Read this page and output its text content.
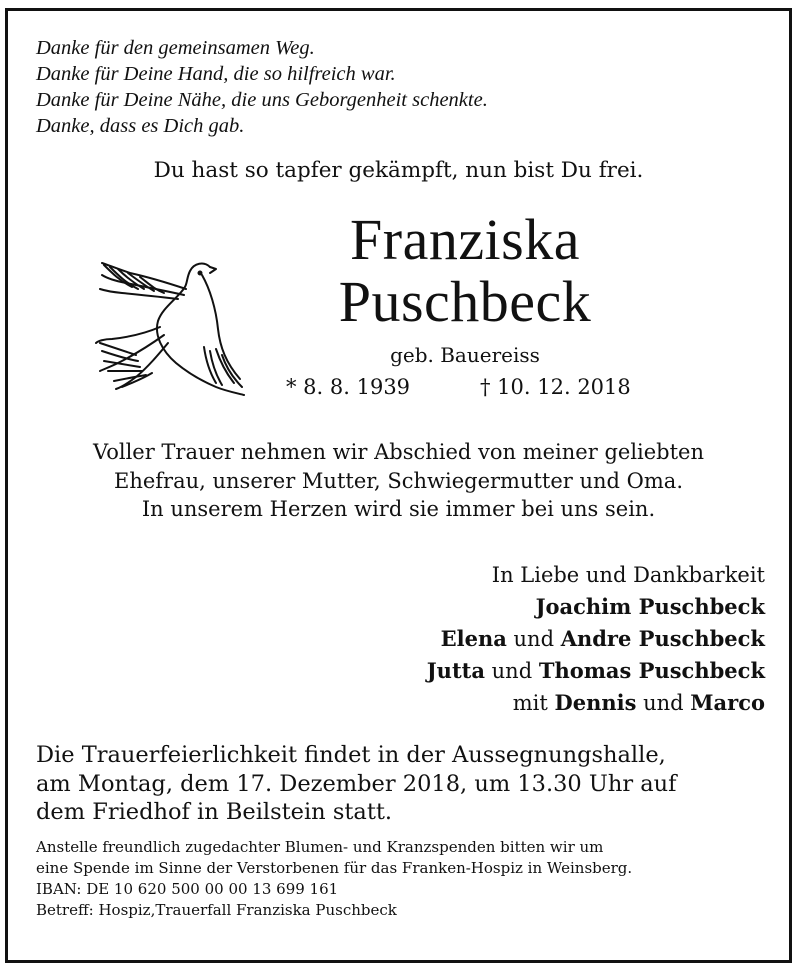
Danke für den gemeinsamen Weg.
Danke für Deine Hand, die so hilfreich war.
Danke für Deine Nähe, die uns Geborgenheit schenkte.
Danke, dass es Dich gab.
Du hast so tapfer gekämpft, nun bist Du frei.
Franziska
Puschbeck
geb. Bauereiss
* 8. 8. 1939	† 10. 12. 2018
Voller Trauer nehmen wir Abschied von meiner geliebten
Ehefrau, unserer Mutter, Schwiegermutter und Oma.
In unserem Herzen wird sie immer bei uns sein.
In Liebe und Dankbarkeit
Joachim Puschbeck
Elena und Andre Puschbeck
Jutta und Thomas Puschbeck
mit Dennis und Marco
Die Trauerfeierlichkeit findet in der Aussegnungshalle,
am Montag, dem 17. Dezember 2018, um 13.30 Uhr auf
dem Friedhof in Beilstein statt.
Anstelle freundlich zugedachter Blumen- und Kranzspenden bitten wir um
eine Spende im Sinne der Verstorbenen für das Franken-Hospiz in Weinsberg.
IBAN: DE 10 620 500 00 00 13 699 161
Betreff: Hospiz,Trauerfall Franziska Puschbeck
